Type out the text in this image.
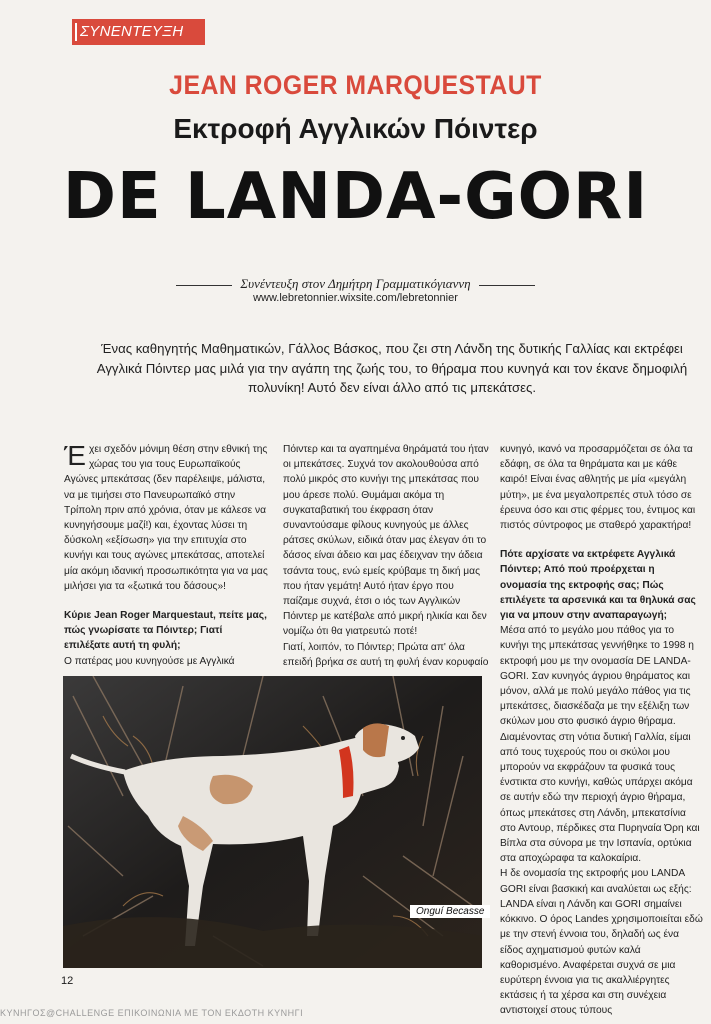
ΣΥΝΕΝΤΕΥΞΗ
JEAN ROGER MARQUESTAUT
Εκτροφή Αγγλικών Πόιντερ
DE LANDA-GORI
Συνέντευξη στον Δημήτρη Γραμματικόγιαννη
www.lebretonnier.wixsite.com/lebretonnier
Ένας καθηγητής Μαθηματικών, Γάλλος Βάσκος, που ζει στη Λάνδη της δυτικής Γαλλίας και εκτρέφει Αγγλικά Πόιντερ μας μιλά για την αγάπη της ζωής του, το θήραμα που κυνηγά και τον έκανε δημοφιλή πολυνίκη! Αυτό δεν είναι άλλο από τις μπεκάτσες.

Έχει σχεδόν μόνιμη θέση στην εθνική της χώρας του για τους Ευρωπαϊκούς Αγώνες μπεκάτσας (δεν παρέλειψε, μάλιστα, να με τιμήσει στο Πανευρωπαϊκό στην Τρίπολη πριν από χρόνια, όταν με κάλεσε να κυνηγήσουμε μαζί!) και, έχοντας λύσει τη δύσκολη «εξίσωση» για την επιτυχία στο κυνήγι και τους αγώνες μπεκάτσας, αποτελεί μία ακόμη ιδανική προσωπικότητα για να μας μιλήσει για τα «ξωτικά του δάσους»!

Κύριε Jean Roger Marquestaut, πείτε μας, πώς γνωρίσατε τα Πόιντερ; Γιατί επιλέξατε αυτή τη φυλή;

Ο πατέρας μου κυνηγούσε με Αγγλικά

Πόιντερ και τα αγαπημένα θηράματά του ήταν οι μπεκάτσες. Συχνά τον ακολουθούσα από πολύ μικρός στο κυνήγι της μπεκάτσας που μου άρεσε πολύ. Θυμάμαι ακόμα τη συγκαταβατική του έκφραση όταν συναντούσαμε φίλους κυνηγούς με άλλες ράτσες σκύλων, ειδικά όταν μας έλεγαν ότι το δάσος είναι άδειο και μας έδειχναν την άδεια τσάντα τους, ενώ εμείς κρύβαμε τη δική μας που ήταν γεμάτη! Αυτό ήταν έργο που παίζαμε συχνά, έτσι ο ιός των Αγγλικών Πόιντερ με κατέβαλε από μικρή ηλικία και δεν νομίζω ότι θα γιατρευτώ ποτέ!

Γιατί, λοιπόν, το Πόιντερ; Πρώτα απ' όλα επειδή βρήκα σε αυτή τη φυλή έναν κορυφαίο

κυνηγό, ικανό να προσαρμόζεται σε όλα τα εδάφη, σε όλα τα θηράματα και με κάθε καιρό! Είναι ένας αθλητής με μία «μεγάλη μύτη», με ένα μεγαλοπρεπές στυλ τόσο σε έρευνα όσο και στις φέρμες του, έντιμος και πιστός σύντροφος με σταθερό χαρακτήρα!

Πότε αρχίσατε να εκτρέφετε Αγγλικά Πόιντερ; Από πού προέρχεται η ονομασία της εκτροφής σας; Πώς επιλέγετε τα αρσενικά και τα θηλυκά σας για να μπουν στην αναπαραγωγή;

Μέσα από το μεγάλο μου πάθος για το κυνήγι της μπεκάτσας γεννήθηκε το 1998 η εκτροφή μου με την ονομασία DE LANDA-GORI. Σαν κυνηγός άγριου θηράματος και μόνον, αλλά με πολύ μεγάλο πάθος για τις μπεκάτσες, διασκέδαζα με την εξέλιξη των σκύλων μου στο φυσικό άγριο θήραμα. Διαμένοντας στη νότια δυτική Γαλλία, είμαι από τους τυχερούς που οι σκύλοι μου μπορούν να εκφράζουν τα φυσικά τους ένστικτα στο κυνήγι, καθώς υπάρχει ακόμα σε αυτήν εδώ την περιοχή άγριο θήραμα, όπως μπεκάτσες στη Λάνδη, μπεκατσίνια στο Αντουρ, πέρδικες στα Πυρηναία Όρη και Βίπλα στα σύνορα με την Ισπανία, ορτύκια στα αποχώραφα τα καλοκαίρια.

Η δε ονομασία της εκτροφής μου LANDA GORI είναι βασκική και αναλύεται ως εξής: LANDA είναι η Λάνδη και GORI σημαίνει κόκκινο. Ο όρος Landes χρησιμοποιείται εδώ με την στενή έννοια του, δηλαδή ως ένα είδος αχηματισμού φυτών καλά καθορισμένο. Αναφέρεται συχνά σε μια ευρύτερη έννοια για τις ακαλλιέργητες εκτάσεις ή τα χέρσα και στη συνέχεια αντιστοιχεί στους τύπους

Onguí Becasse
12
ΚΥΝΗΓΟΣ@CHALLENGE ΕΠΙΚΟΙΝΩΝΙΑ ΜΕ ΤΟΝ ΕΚΔΟΤΗ ΚΥΝΗΓΙ
